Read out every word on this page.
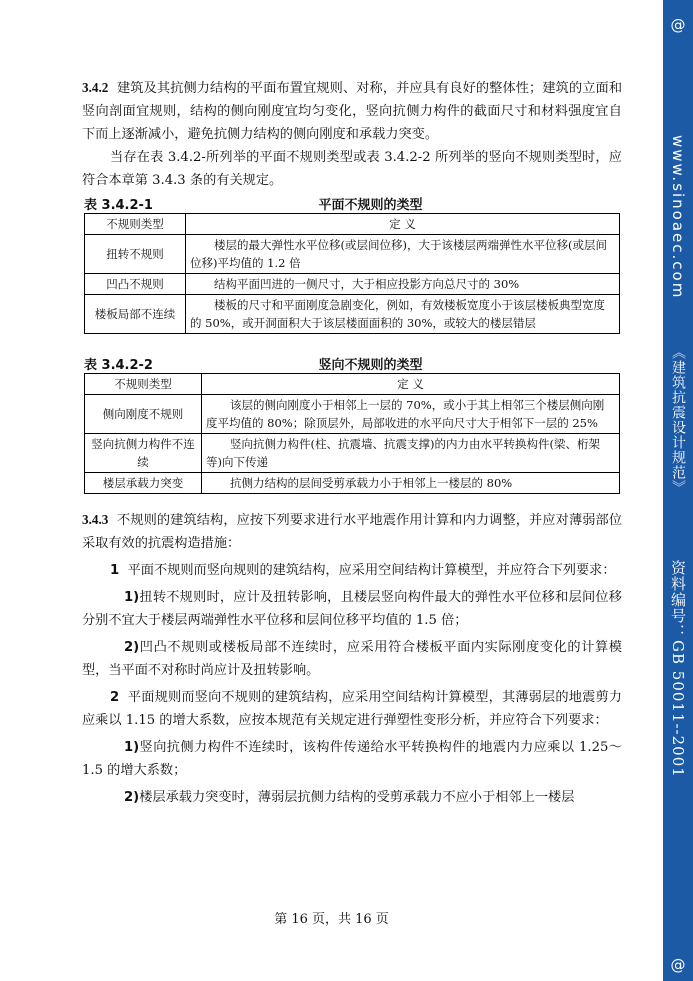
@
www.sinoaec.com
《建筑抗震设计规范》
资料编号：GB 50011--2001
@

3.4.2 建筑及其抗侧力结构的平面布置宜规则、对称，并应具有良好的整体性；建筑的立面和竖向剖面宜规则，结构的侧向刚度宜均匀变化，竖向抗侧力构件的截面尺寸和材料强度宜自下而上逐渐减小，避免抗侧力结构的侧向刚度和承载力突变。

当存在表 3.4.2-所列举的平面不规则类型或表 3.4.2-2 所列举的竖向不规则类型时，应符合本章第 3.4.3 条的有关规定。

表 3.4.2-1	平面不规则的类型
不规则类型	定 义
扭转不规则	楼层的最大弹性水平位移(或层间位移)，大于该楼层两端弹性水平位移(或层间位移)平均值的 1.2 倍
凹凸不规则	结构平面凹进的一侧尺寸，大于相应投影方向总尺寸的 30%
楼板局部不连续	楼板的尺寸和平面刚度急剧变化，例如，有效楼板宽度小于该层楼板典型宽度的 50%，或开洞面积大于该层楼面面积的 30%，或较大的楼层错层
表 3.4.2-2	竖向不规则的类型
不规则类型	定 义
侧向刚度不规则	该层的侧向刚度小于相邻上一层的 70%，或小于其上相邻三个楼层侧向刚度平均值的 80%；除顶层外，局部收进的水平向尺寸大于相邻下一层的 25%
竖向抗侧力构件不连续	竖向抗侧力构件(柱、抗震墙、抗震支撑)的内力由水平转换构件(梁、桁架等)向下传递
楼层承载力突变	抗侧力结构的层间受剪承载力小于相邻上一楼层的 80%

3.4.3 不规则的建筑结构，应按下列要求进行水平地震作用计算和内力调整，并应对薄弱部位采取有效的抗震构造措施：

1 平面不规则而竖向规则的建筑结构，应采用空间结构计算模型，并应符合下列要求：

1)扭转不规则时，应计及扭转影响，且楼层竖向构件最大的弹性水平位移和层间位移分别不宜大于楼层两端弹性水平位移和层间位移平均值的 1.5 倍；

2)凹凸不规则或楼板局部不连续时，应采用符合楼板平面内实际刚度变化的计算模型，当平面不对称时尚应计及扭转影响。

2 平面规则而竖向不规则的建筑结构，应采用空间结构计算模型，其薄弱层的地震剪力应乘以 1.15 的增大系数，应按本规范有关规定进行弹塑性变形分析，并应符合下列要求：

1)竖向抗侧力构件不连续时，该构件传递给水平转换构件的地震内力应乘以 1.25～1.5 的增大系数；

2)楼层承载力突变时，薄弱层抗侧力结构的受剪承载力不应小于相邻上一楼层

第 16 页，共 16 页
